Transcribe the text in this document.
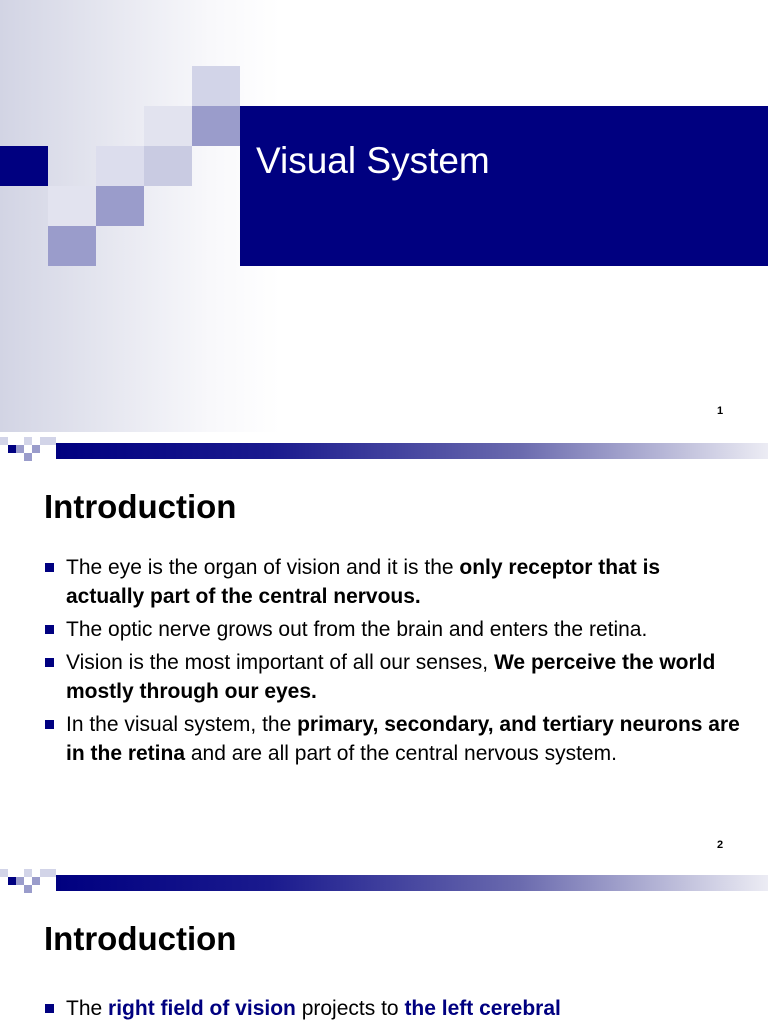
Visual System
1
Introduction
The eye is the organ of vision and it is the only receptor that is actually part of the central nervous.
The optic nerve grows out from the brain and enters the retina.
Vision is the most important of all our senses, We perceive the world mostly through our eyes.
In the visual system, the primary, secondary, and tertiary neurons are in the retina and are all part of the central nervous system.
2
Introduction
The right field of vision projects to the left cerebral
